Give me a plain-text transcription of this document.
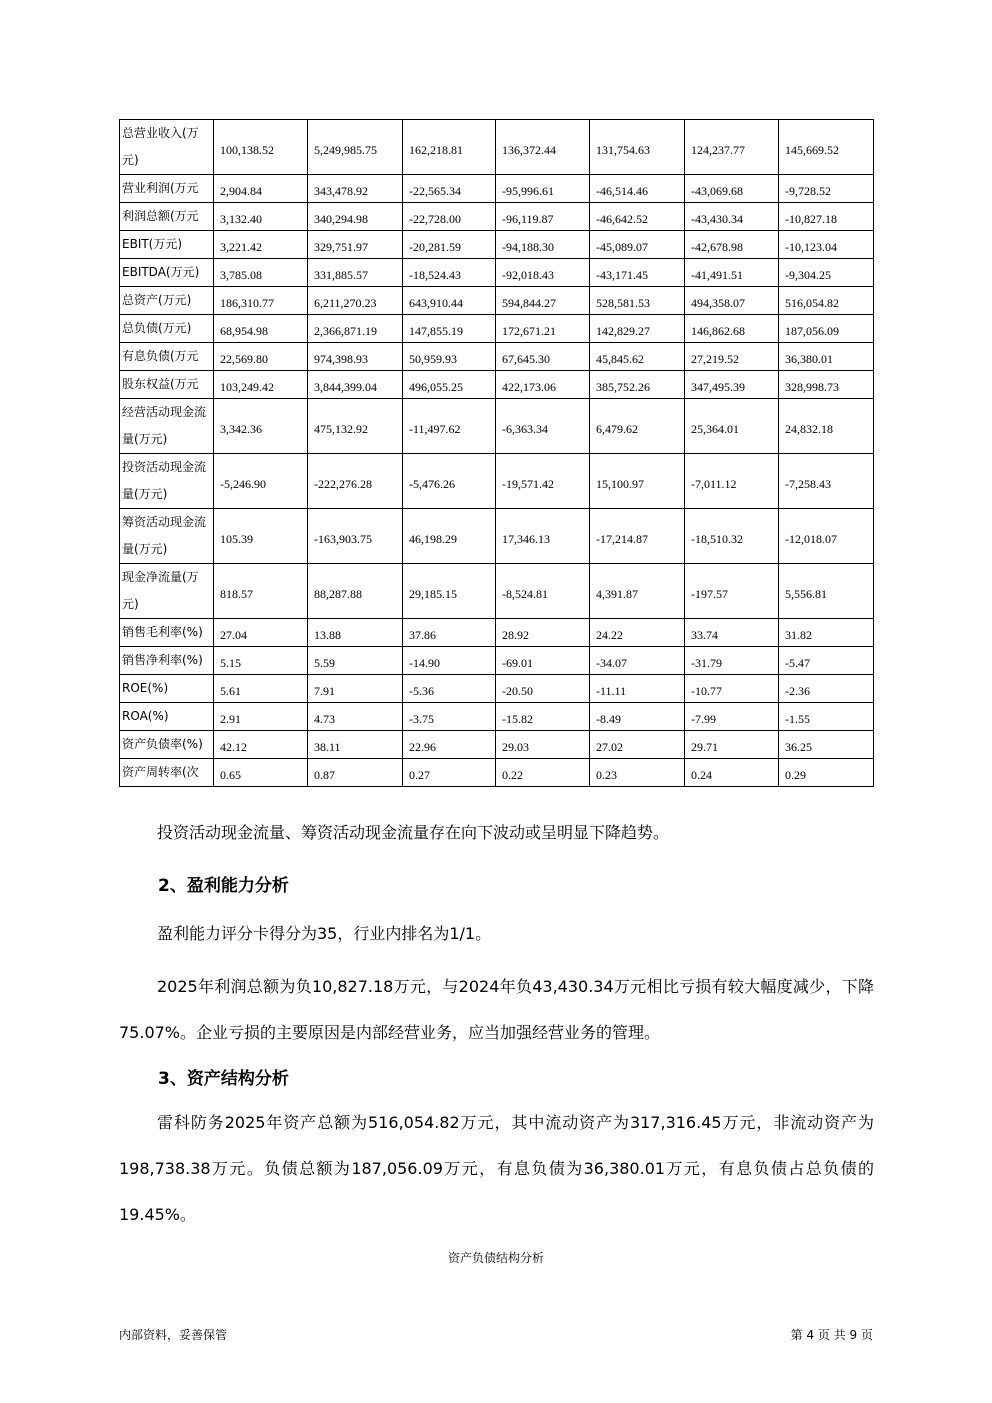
总营业收入(万元)	100,138.52	5,249,985.75	162,218.81	136,372.44	131,754.63	124,237.77	145,669.52
营业利润(万元	2,904.84	343,478.92	-22,565.34	-95,996.61	-46,514.46	-43,069.68	-9,728.52
利润总额(万元	3,132.40	340,294.98	-22,728.00	-96,119.87	-46,642.52	-43,430.34	-10,827.18
EBIT(万元)	3,221.42	329,751.97	-20,281.59	-94,188.30	-45,089.07	-42,678.98	-10,123.04
EBITDA(万元)	3,785.08	331,885.57	-18,524.43	-92,018.43	-43,171.45	-41,491.51	-9,304.25
总资产(万元)	186,310.77	6,211,270.23	643,910.44	594,844.27	528,581.53	494,358.07	516,054.82
总负债(万元)	68,954.98	2,366,871.19	147,855.19	172,671.21	142,829.27	146,862.68	187,056.09
有息负债(万元	22,569.80	974,398.93	50,959.93	67,645.30	45,845.62	27,219.52	36,380.01
股东权益(万元	103,249.42	3,844,399.04	496,055.25	422,173.06	385,752.26	347,495.39	328,998.73
经营活动现金流量(万元)	3,342.36	475,132.92	-11,497.62	-6,363.34	6,479.62	25,364.01	24,832.18
投资活动现金流量(万元)	-5,246.90	-222,276.28	-5,476.26	-19,571.42	15,100.97	-7,011.12	-7,258.43
筹资活动现金流量(万元)	105.39	-163,903.75	46,198.29	17,346.13	-17,214.87	-18,510.32	-12,018.07
现金净流量(万元)	818.57	88,287.88	29,185.15	-8,524.81	4,391.87	-197.57	5,556.81
销售毛利率(%)	27.04	13.88	37.86	28.92	24.22	33.74	31.82
销售净利率(%)	5.15	5.59	-14.90	-69.01	-34.07	-31.79	-5.47
ROE(%)	5.61	7.91	-5.36	-20.50	-11.11	-10.77	-2.36
ROA(%)	2.91	4.73	-3.75	-15.82	-8.49	-7.99	-1.55
资产负债率(%)	42.12	38.11	22.96	29.03	27.02	29.71	36.25
资产周转率(次	0.65	0.87	0.27	0.22	0.23	0.24	0.29

投资活动现金流量、筹资活动现金流量存在向下波动或呈明显下降趋势。

2、盈利能力分析

盈利能力评分卡得分为35，行业内排名为1/1。

2025年利润总额为负10,827.18万元，与2024年负43,430.34万元相比亏损有较大幅度减少，下降75.07%。企业亏损的主要原因是内部经营业务，应当加强经营业务的管理。

3、资产结构分析

雷科防务2025年资产总额为516,054.82万元，其中流动资产为317,316.45万元，非流动资产为198,738.38万元。负债总额为187,056.09万元，有息负债为36,380.01万元，有息负债占总负债的19.45%。

资产负债结构分析

内部资料，妥善保管	第 4 页 共 9 页
